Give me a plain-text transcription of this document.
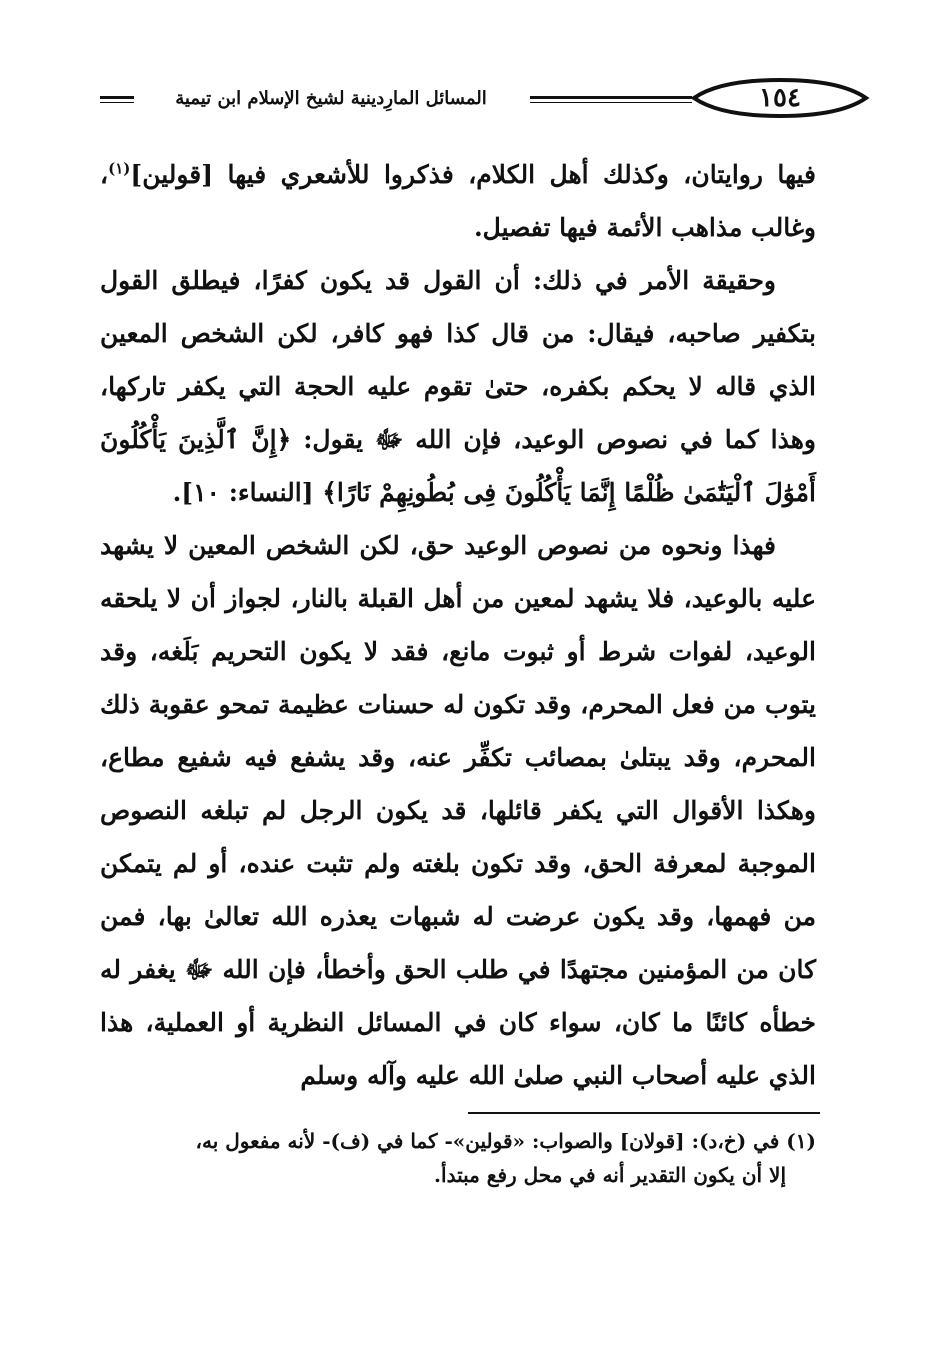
١٥٤
المسائل المارِدينية لشيخ الإسلام ابن تيمية

فيها روايتان، وكذلك أهل الكلام، فذكروا للأشعري فيها [قولين]$^{(١)}$، وغالب مذاهب الأئمة فيها تفصيل.

وحقيقة الأمر في ذلك: أن القول قد يكون كفرًا، فيطلق القول بتكفير صاحبه، فيقال: من قال كذا فهو كافر، لكن الشخص المعين الذي قاله لا يحكم بكفره، حتىٰ تقوم عليه الحجة التي يكفر تاركها، وهذا كما في نصوص الوعيد، فإن الله ﷻ يقول: ﴿إِنَّ ٱلَّذِينَ يَأْكُلُونَ أَمْوَٰلَ ٱلْيَتَٰمَىٰ ظُلْمًا إِنَّمَا يَأْكُلُونَ فِى بُطُونِهِمْ نَارًا﴾ [النساء: ١٠].

فهذا ونحوه من نصوص الوعيد حق، لكن الشخص المعين لا يشهد عليه بالوعيد، فلا يشهد لمعين من أهل القبلة بالنار، لجواز أن لا يلحقه الوعيد، لفوات شرط أو ثبوت مانع، فقد لا يكون التحريم بَلَغه، وقد يتوب من فعل المحرم، وقد تكون له حسنات عظيمة تمحو عقوبة ذلك المحرم، وقد يبتلىٰ بمصائب تكفِّر عنه، وقد يشفع فيه شفيع مطاع، وهكذا الأقوال التي يكفر قائلها، قد يكون الرجل لم تبلغه النصوص الموجبة لمعرفة الحق، وقد تكون بلغته ولم تثبت عنده، أو لم يتمكن من فهمها، وقد يكون عرضت له شبهات يعذره الله تعالىٰ بها، فمن كان من المؤمنين مجتهدًا في طلب الحق وأخطأ، فإن الله ﷻ يغفر له خطأه كائنًا ما كان، سواء كان في المسائل النظرية أو العملية، هذا الذي عليه أصحاب النبي صلىٰ الله عليه وآله وسلم

(١) في (خ،د): [قولان] والصواب: «قولين»- كما في (ف)- لأنه مفعول به،

إلا أن يكون التقدير أنه في محل رفع مبتدأ.
